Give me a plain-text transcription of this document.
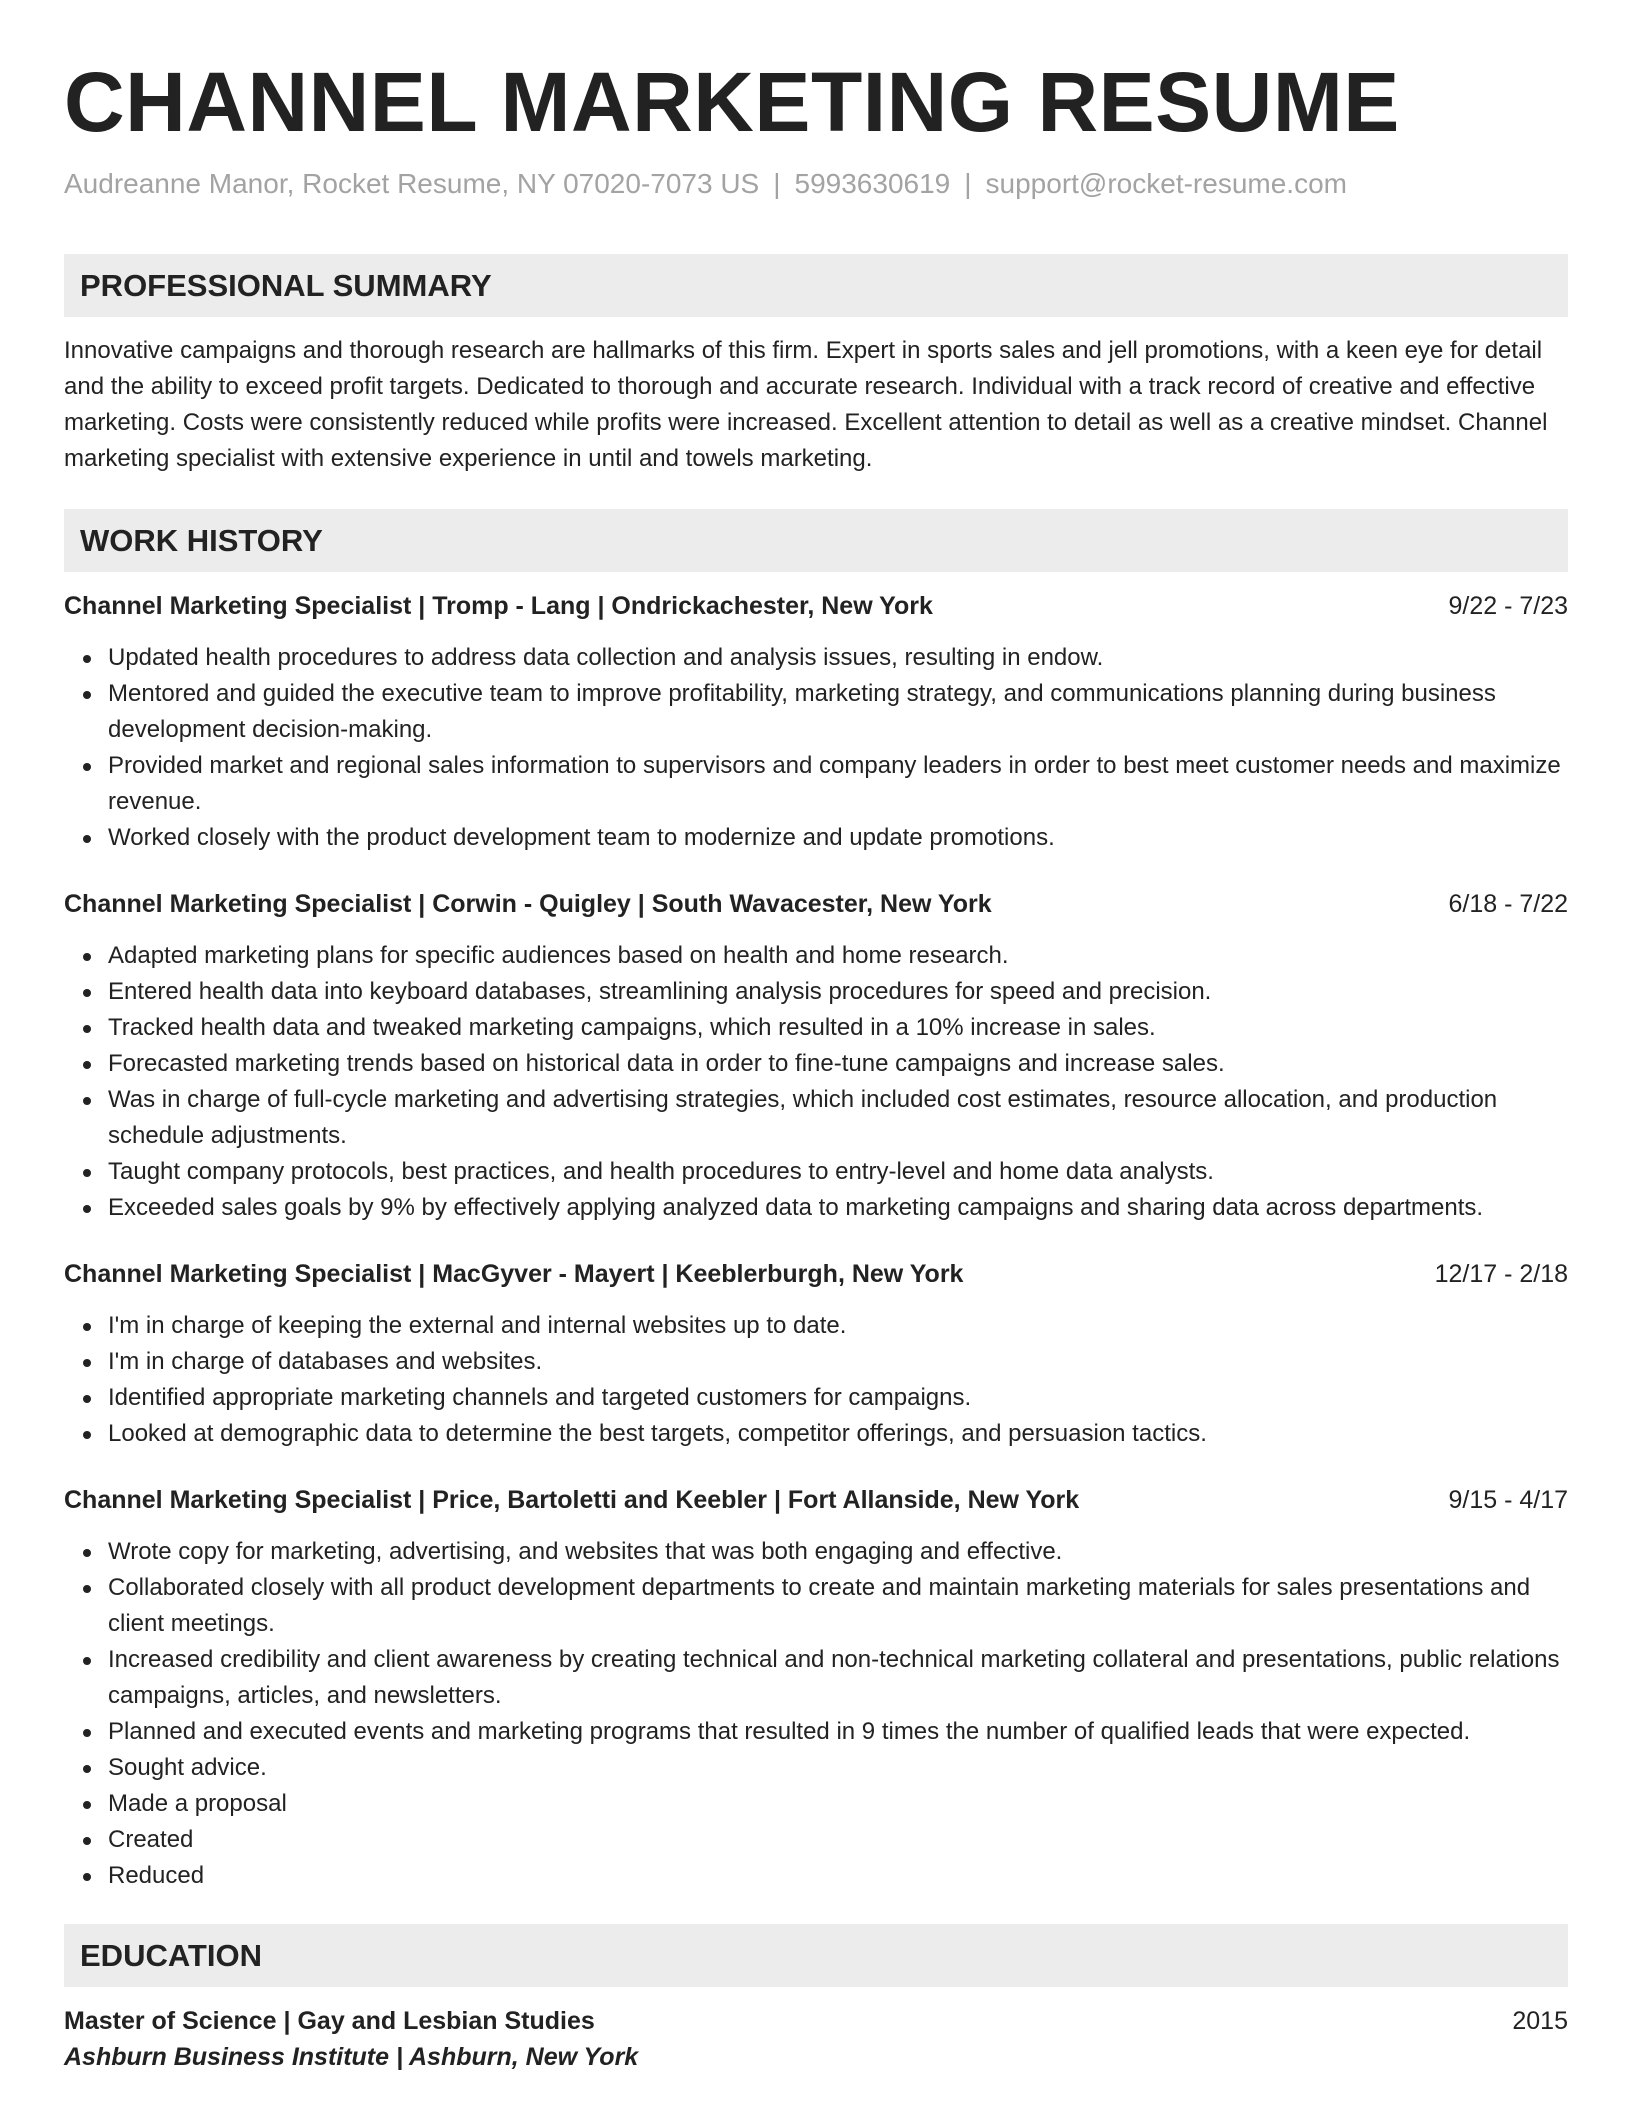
CHANNEL MARKETING RESUME
Audreanne Manor, Rocket Resume, NY 07020-7073 US | 5993630619 | support@rocket-resume.com
PROFESSIONAL SUMMARY
Innovative campaigns and thorough research are hallmarks of this firm. Expert in sports sales and jell promotions, with a keen eye for detail and the ability to exceed profit targets. Dedicated to thorough and accurate research. Individual with a track record of creative and effective marketing. Costs were consistently reduced while profits were increased. Excellent attention to detail as well as a creative mindset. Channel marketing specialist with extensive experience in until and towels marketing.
WORK HISTORY
Channel Marketing Specialist | Tromp - Lang | Ondrickachester, New York	9/22 - 7/23
Updated health procedures to address data collection and analysis issues, resulting in endow.
Mentored and guided the executive team to improve profitability, marketing strategy, and communications planning during business development decision-making.
Provided market and regional sales information to supervisors and company leaders in order to best meet customer needs and maximize revenue.
Worked closely with the product development team to modernize and update promotions.
Channel Marketing Specialist | Corwin - Quigley | South Wavacester, New York	6/18 - 7/22
Adapted marketing plans for specific audiences based on health and home research.
Entered health data into keyboard databases, streamlining analysis procedures for speed and precision.
Tracked health data and tweaked marketing campaigns, which resulted in a 10% increase in sales.
Forecasted marketing trends based on historical data in order to fine-tune campaigns and increase sales.
Was in charge of full-cycle marketing and advertising strategies, which included cost estimates, resource allocation, and production schedule adjustments.
Taught company protocols, best practices, and health procedures to entry-level and home data analysts.
Exceeded sales goals by 9% by effectively applying analyzed data to marketing campaigns and sharing data across departments.
Channel Marketing Specialist | MacGyver - Mayert | Keeblerburgh, New York	12/17 - 2/18
I'm in charge of keeping the external and internal websites up to date.
I'm in charge of databases and websites.
Identified appropriate marketing channels and targeted customers for campaigns.
Looked at demographic data to determine the best targets, competitor offerings, and persuasion tactics.
Channel Marketing Specialist | Price, Bartoletti and Keebler | Fort Allanside, New York	9/15 - 4/17
Wrote copy for marketing, advertising, and websites that was both engaging and effective.
Collaborated closely with all product development departments to create and maintain marketing materials for sales presentations and client meetings.
Increased credibility and client awareness by creating technical and non-technical marketing collateral and presentations, public relations campaigns, articles, and newsletters.
Planned and executed events and marketing programs that resulted in 9 times the number of qualified leads that were expected.
Sought advice.
Made a proposal
Created
Reduced
EDUCATION
Master of Science | Gay and Lesbian Studies	2015
Ashburn Business Institute | Ashburn, New York
